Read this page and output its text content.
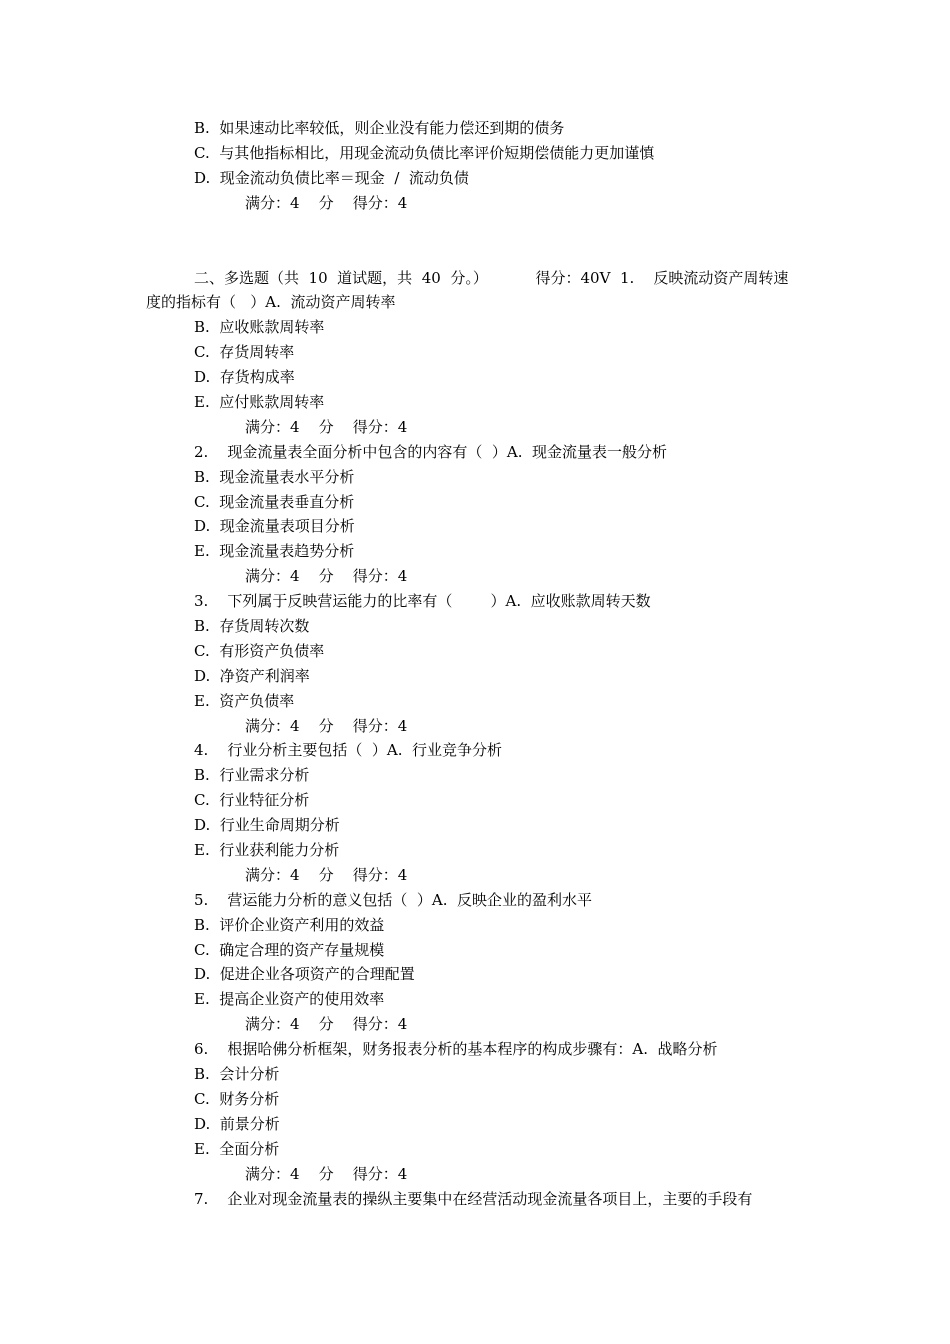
B.  如果速动比率较低，则企业没有能力偿还到期的债务
C.  与其他指标相比，用现金流动负债比率评价短期偿债能力更加谨慎
D.  现金流动负债比率＝现金  /  流动负债
满分：4    分    得分：4
二、多选题（共  10  道试题，共  40  分。）          得分：40V  1.    反映流动资产周转速
度的指标有（   ）A.  流动资产周转率
B.  应收账款周转率
C.  存货周转率
D.  存货构成率
E.  应付账款周转率
满分：4    分    得分：4
2.    现金流量表全面分析中包含的内容有（  ）A.  现金流量表一般分析
B.  现金流量表水平分析
C.  现金流量表垂直分析
D.  现金流量表项目分析
E.  现金流量表趋势分析
满分：4    分    得分：4
3.    下列属于反映营运能力的比率有（        ）A.  应收账款周转天数
B.  存货周转次数
C.  有形资产负债率
D.  净资产利润率
E.  资产负债率
满分：4    分    得分：4
4.    行业分析主要包括（  ）A.  行业竞争分析
B.  行业需求分析
C.  行业特征分析
D.  行业生命周期分析
E.  行业获利能力分析
满分：4    分    得分：4
5.    营运能力分析的意义包括（  ）A.  反映企业的盈利水平
B.  评价企业资产利用的效益
C.  确定合理的资产存量规模
D.  促进企业各项资产的合理配置
E.  提高企业资产的使用效率
满分：4    分    得分：4
6.    根据哈佛分析框架，财务报表分析的基本程序的构成步骤有：A.  战略分析
B.  会计分析
C.  财务分析
D.  前景分析
E.  全面分析
满分：4    分    得分：4
7.    企业对现金流量表的操纵主要集中在经营活动现金流量各项目上，主要的手段有
